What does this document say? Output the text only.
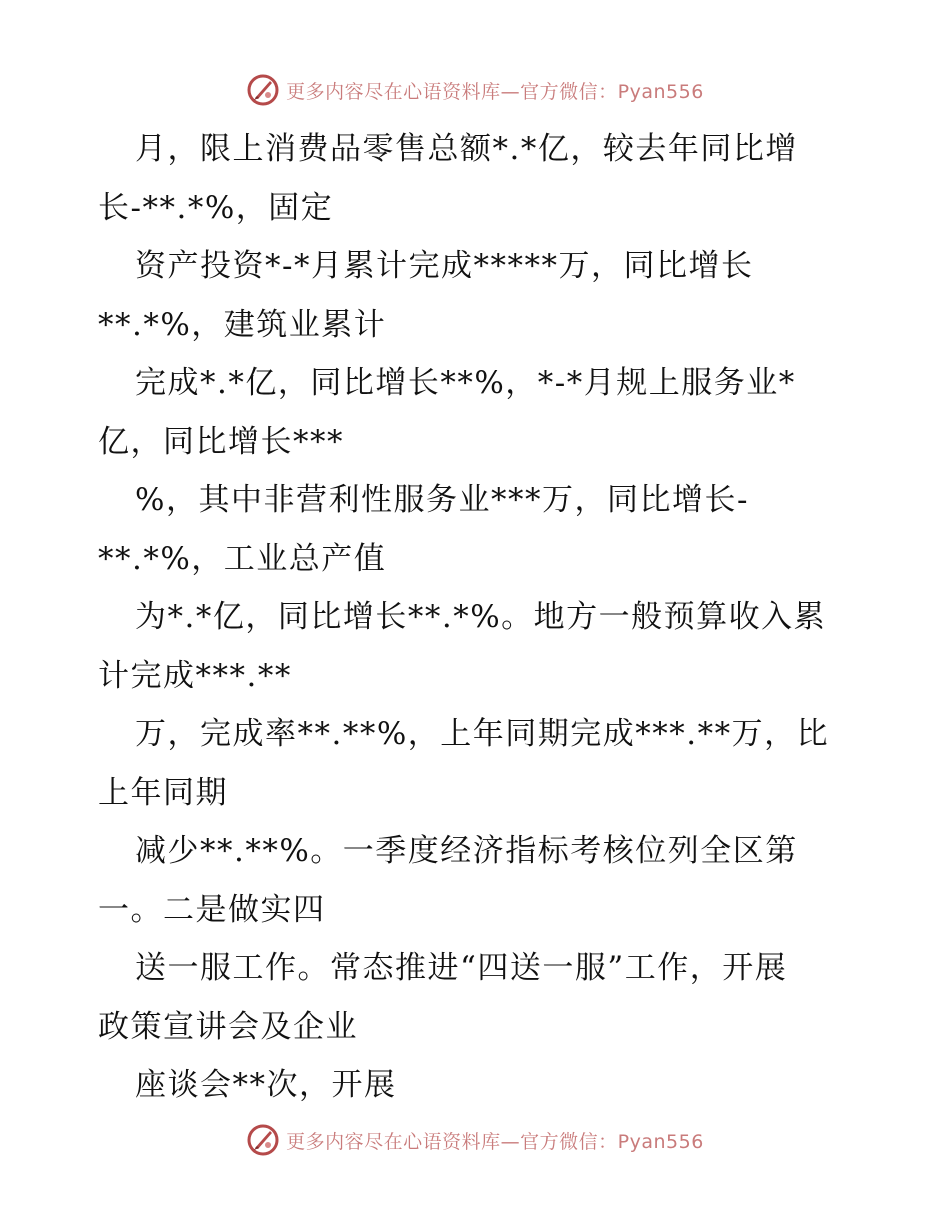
更多内容尽在心语资料库—官方微信：Pyan556
月，限上消费品零售总额*.*亿，较去年同比增
长-**.*%，固定
资产投资*-*月累计完成*****万，同比增长
**.*%，建筑业累计
完成*.*亿，同比增长**%，*-*月规上服务业*
亿，同比增长***
%，其中非营利性服务业***万，同比增长-
**.*%，工业总产值
为*.*亿，同比增长**.*%。地方一般预算收入累
计完成***.**
万，完成率**.**%，上年同期完成***.**万，比
上年同期
减少**.**%。一季度经济指标考核位列全区第
一。二是做实四
送一服工作。常态推进“四送一服”工作，开展
政策宣讲会及企业
座谈会**次，开展
更多内容尽在心语资料库—官方微信：Pyan556
